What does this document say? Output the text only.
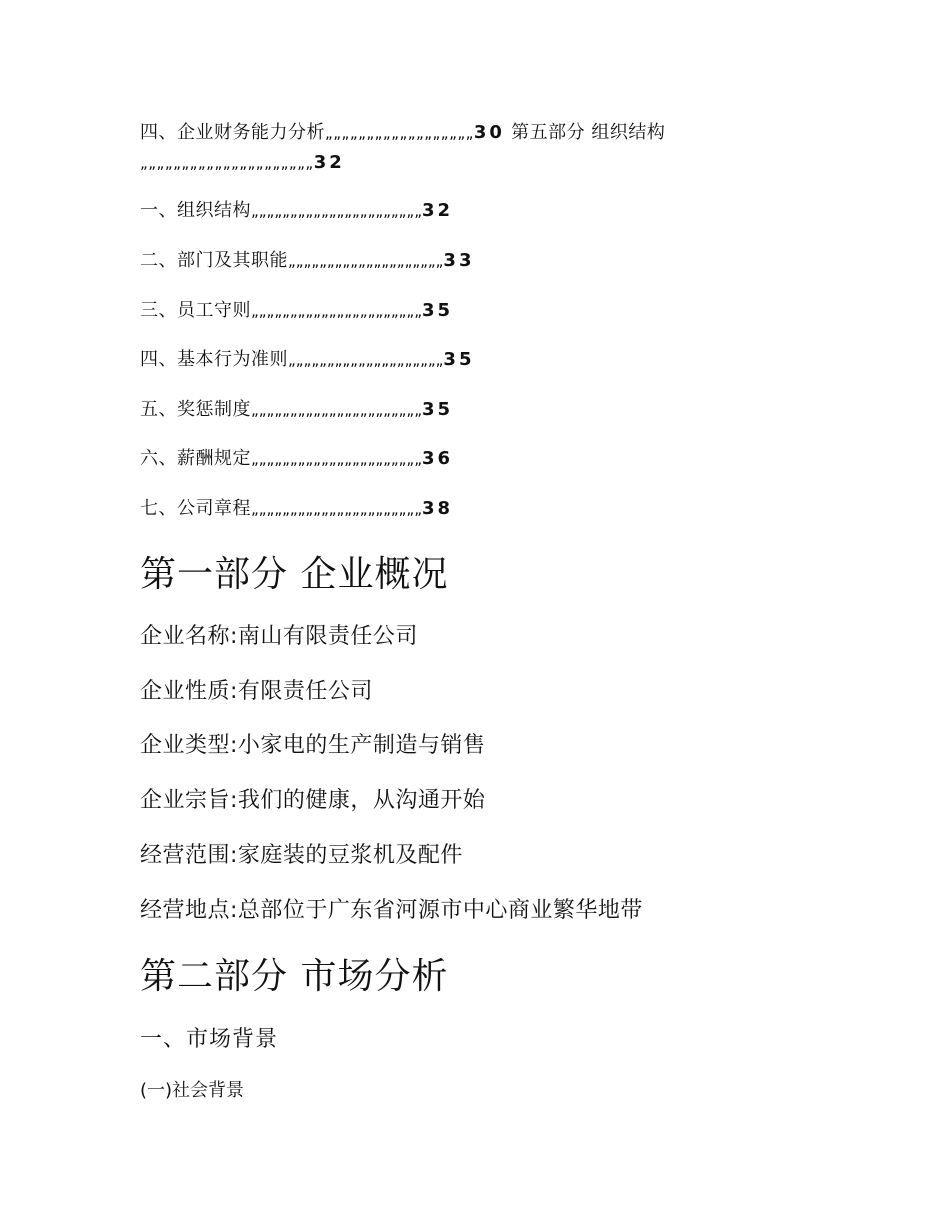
四、企业财务能力分析„„„„„„„„„„„„„„„„„„30 第五部分 组织结构„„„„„„„„„„„„„„„„„„„„„32
一、组织结构„„„„„„„„„„„„„„„„„„„„„„32
二、部门及其职能„„„„„„„„„„„„„„„„„„„„33
三、员工守则„„„„„„„„„„„„„„„„„„„„„„35
四、基本行为准则„„„„„„„„„„„„„„„„„„„„35
五、奖惩制度„„„„„„„„„„„„„„„„„„„„„„35
六、薪酬规定„„„„„„„„„„„„„„„„„„„„„„36
七、公司章程„„„„„„„„„„„„„„„„„„„„„„38
第一部分 企业概况
企业名称:南山有限责任公司
企业性质:有限责任公司
企业类型:小家电的生产制造与销售
企业宗旨:我们的健康，从沟通开始
经营范围:家庭装的豆浆机及配件
经营地点:总部位于广东省河源市中心商业繁华地带
第二部分 市场分析
一、市场背景
(一)社会背景
